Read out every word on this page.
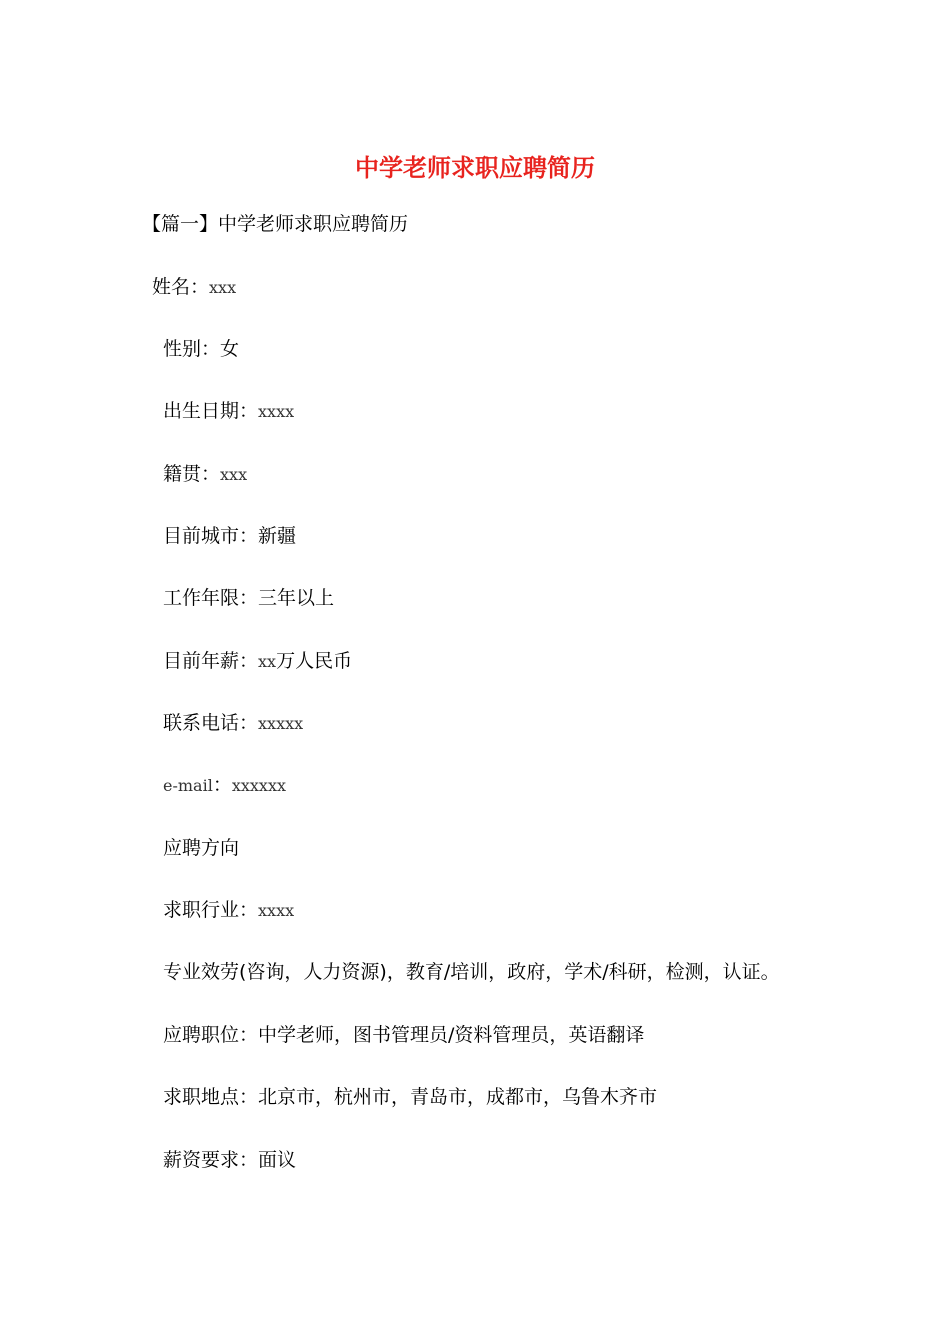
中学老师求职应聘简历
【篇一】中学老师求职应聘简历
姓名：xxx
性别：女
出生日期：xxxx
籍贯：xxx
目前城市：新疆
工作年限：三年以上
目前年薪：xx万人民币
联系电话：xxxxx
e-mail：xxxxxx
应聘方向
求职行业：xxxx
专业效劳(咨询，人力资源)，教育/培训，政府，学术/科研，检测，认证。
应聘职位：中学老师，图书管理员/资料管理员，英语翻译
求职地点：北京市，杭州市，青岛市，成都市，乌鲁木齐市
薪资要求：面议
